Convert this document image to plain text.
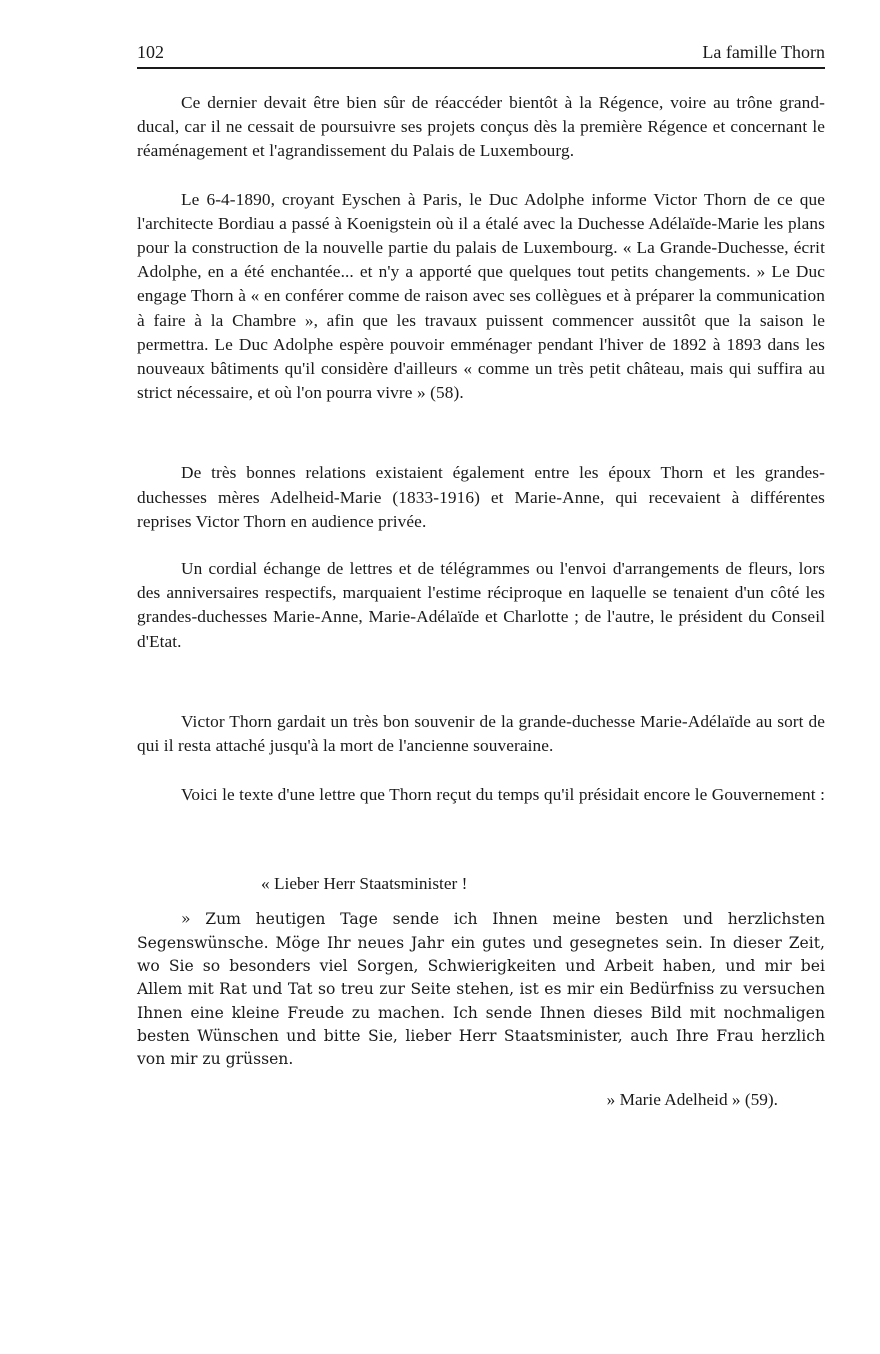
102	La famille Thorn

Ce dernier devait être bien sûr de réaccéder bientôt à la Régence, voire au trône grand-ducal, car il ne cessait de poursuivre ses projets conçus dès la première Régence et concernant le réaménagement et l'agrandissement du Palais de Luxembourg.

Le 6-4-1890, croyant Eyschen à Paris, le Duc Adolphe informe Victor Thorn de ce que l'architecte Bordiau a passé à Koenigstein où il a étalé avec la Duchesse Adélaïde-Marie les plans pour la construction de la nouvelle partie du palais de Luxembourg. « La Grande-Duchesse, écrit Adolphe, en a été enchantée... et n'y a apporté que quelques tout petits changements. » Le Duc engage Thorn à « en conférer comme de raison avec ses collègues et à préparer la communication à faire à la Chambre », afin que les travaux puissent commencer aussitôt que la saison le permettra. Le Duc Adolphe espère pouvoir emménager pendant l'hiver de 1892 à 1893 dans les nouveaux bâtiments qu'il considère d'ailleurs « comme un très petit château, mais qui suffira au strict nécessaire, et où l'on pourra vivre » (58).

De très bonnes relations existaient également entre les époux Thorn et les grandes-duchesses mères Adelheid-Marie (1833-1916) et Marie-Anne, qui recevaient à différentes reprises Victor Thorn en audience privée.

Un cordial échange de lettres et de télégrammes ou l'envoi d'arrangements de fleurs, lors des anniversaires respectifs, marquaient l'estime réciproque en laquelle se tenaient d'un côté les grandes-duchesses Marie-Anne, Marie-Adélaïde et Charlotte ; de l'autre, le président du Conseil d'Etat.

Victor Thorn gardait un très bon souvenir de la grande-duchesse Marie-Adélaïde au sort de qui il resta attaché jusqu'à la mort de l'ancienne souveraine.

Voici le texte d'une lettre que Thorn reçut du temps qu'il présidait encore le Gouvernement :

« Lieber Herr Staatsminister !

» Zum heutigen Tage sende ich Ihnen meine besten und herzlichsten Segenswünsche. Möge Ihr neues Jahr ein gutes und gesegnetes sein. In dieser Zeit, wo Sie so besonders viel Sorgen, Schwierigkeiten und Arbeit haben, und mir bei Allem mit Rat und Tat so treu zur Seite stehen, ist es mir ein Bedürfniss zu versuchen Ihnen eine kleine Freude zu machen. Ich sende Ihnen dieses Bild mit nochmaligen besten Wünschen und bitte Sie, lieber Herr Staatsminister, auch Ihre Frau herzlich von mir zu grüssen.

» Marie Adelheid » (59).
